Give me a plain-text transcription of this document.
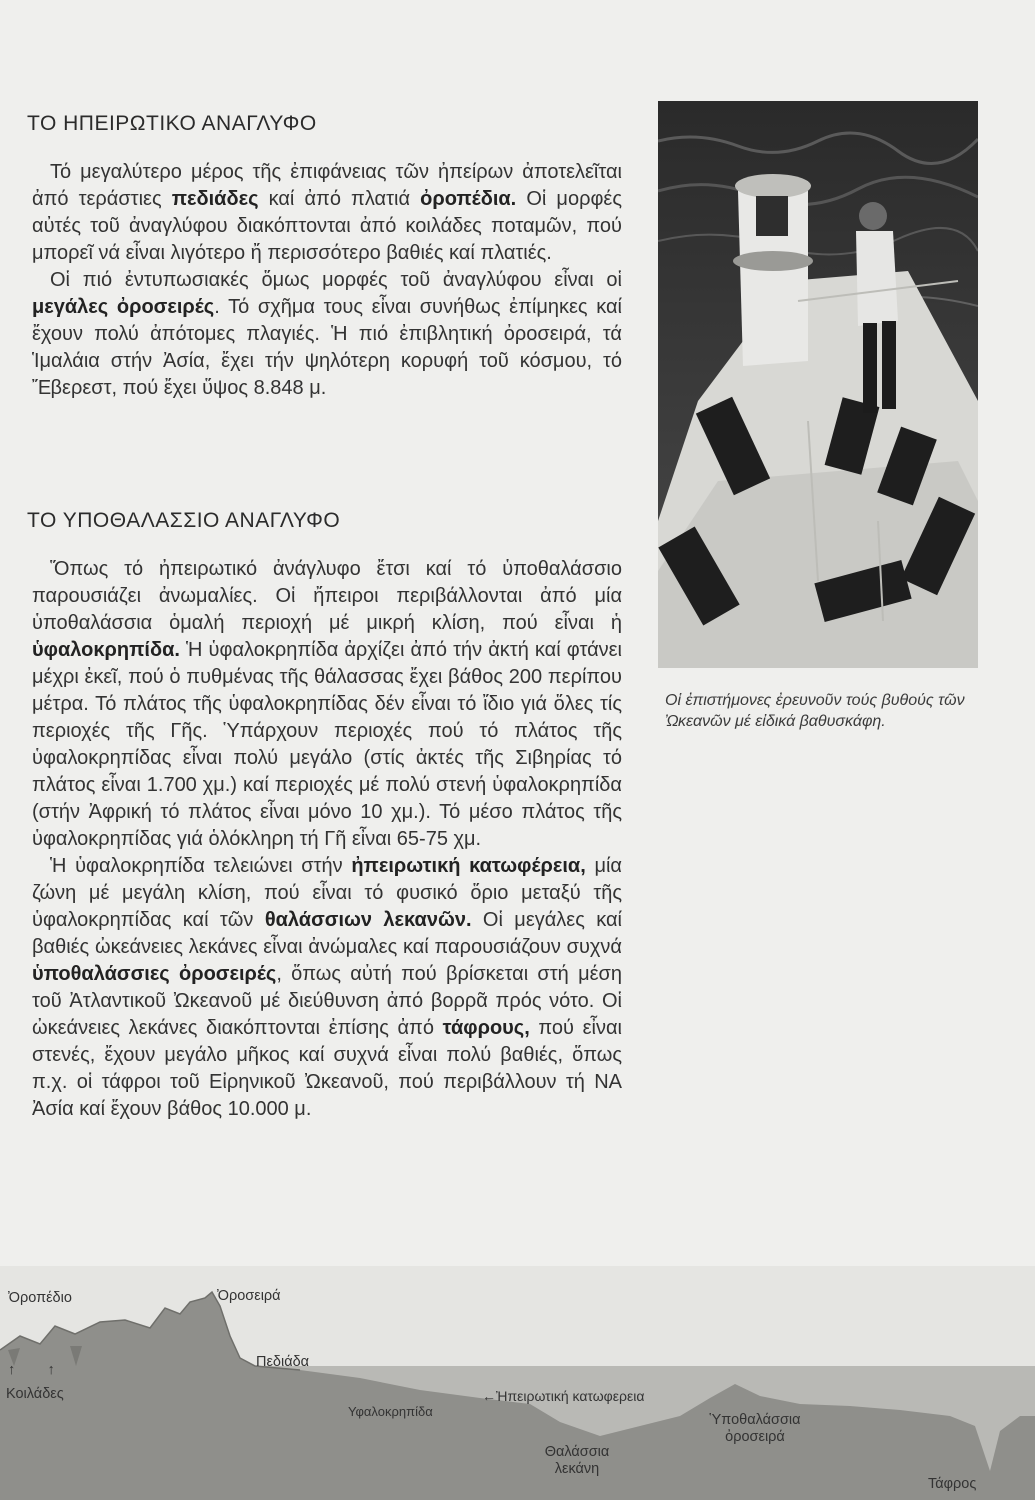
ΤΟ ΗΠΕΙΡΩΤΙΚΟ ΑΝΑΓΛΥΦΟ

Τό μεγαλύτερο μέρος τῆς ἐπιφάνειας τῶν ἠπείρων ἀποτελεῖται ἀπό τεράστιες πεδιάδες καί ἀπό πλατιά ὀροπέδια. Οἱ μορφές αὐτές τοῦ ἀναγλύφου διακόπτονται ἀπό κοιλάδες ποταμῶν, πού μπορεῖ νά εἶναι λιγότερο ἤ περισσότερο βαθιές καί πλατιές.

Οἱ πιό ἐντυπωσιακές ὅμως μορφές τοῦ ἀναγλύφου εἶναι οἱ μεγάλες ὀροσειρές. Τό σχῆμα τους εἶναι συνήθως ἐπίμηκες καί ἔχουν πολύ ἀπότομες πλαγιές. Ἡ πιό ἐπιβλητική ὀροσειρά, τά Ἱμαλάια στήν Ἀσία, ἔχει τήν ψηλότερη κορυφή τοῦ κόσμου, τό Ἔβερεστ, πού ἔχει ὕψος 8.848 μ.

ΤΟ ΥΠΟΘΑΛΑΣΣΙΟ ΑΝΑΓΛΥΦΟ

Ὅπως τό ἠπειρωτικό ἀνάγλυφο ἔτσι καί τό ὑποθαλάσσιο παρουσιάζει ἀνωμαλίες. Οἱ ἤπειροι περιβάλλονται ἀπό μία ὑποθαλάσσια ὁμαλή περιοχή μέ μικρή κλίση, πού εἶναι ἡ ὑφαλοκρηπίδα. Ἡ ὑφαλοκρηπίδα ἀρχίζει ἀπό τήν ἀκτή καί φτάνει μέχρι ἐκεῖ, πού ὁ πυθμένας τῆς θάλασσας ἔχει βάθος 200 περίπου μέτρα. Τό πλάτος τῆς ὑφαλοκρηπίδας δέν εἶναι τό ἴδιο γιά ὅλες τίς περιοχές τῆς Γῆς. Ὑπάρχουν περιοχές πού τό πλάτος τῆς ὑφαλοκρηπίδας εἶναι πολύ μεγάλο (στίς ἀκτές τῆς Σιβηρίας τό πλάτος εἶναι 1.700 χμ.) καί περιοχές μέ πολύ στενή ὑφαλοκρηπίδα (στήν Ἀφρική τό πλάτος εἶναι μόνο 10 χμ.). Τό μέσο πλάτος τῆς ὑφαλοκρηπίδας γιά ὁλόκληρη τή Γῆ εἶναι 65-75 χμ.

Ἡ ὑφαλοκρηπίδα τελειώνει στήν ἠπειρωτική κατωφέρεια, μία ζώνη μέ μεγάλη κλίση, πού εἶναι τό φυσικό ὅριο μεταξύ τῆς ὑφαλοκρηπίδας καί τῶν θαλάσσιων λεκανῶν. Οἱ μεγάλες καί βαθιές ὠκεάνειες λεκάνες εἶναι ἀνώμαλες καί παρουσιάζουν συχνά ὑποθαλάσσιες ὀροσειρές, ὅπως αὐτή πού βρίσκεται στή μέση τοῦ Ἀτλαντικοῦ Ὠκεανοῦ μέ διεύθυνση ἀπό βορρᾶ πρός νότο. Οἱ ὠκεάνειες λεκάνες διακόπτονται ἐπίσης ἀπό τάφρους, πού εἶναι στενές, ἔχουν μεγάλο μῆκος καί συχνά εἶναι πολύ βαθιές, ὅπως π.χ. οἱ τάφροι τοῦ Εἰρηνικοῦ Ὠκεανοῦ, πού περιβάλλουν τή ΝΑ Ἀσία καί ἔχουν βάθος 10.000 μ.

Οἱ ἐπιστήμονες ἐρευνοῦν τούς βυθούς τῶν Ὠκεανῶν μέ εἰδικά βαθυσκάφη.

Ὀροπέδιο	Ὀροσειρά
Πεδιάδα
↑        ↑
Κοιλάδες
Υφαλοκρηπίδα
←Ἠπειρωτική κατωφερεια
Ὑποθαλάσσια
ὀροσειρά
Θαλάσσια
λεκάνη
Τάφρος
